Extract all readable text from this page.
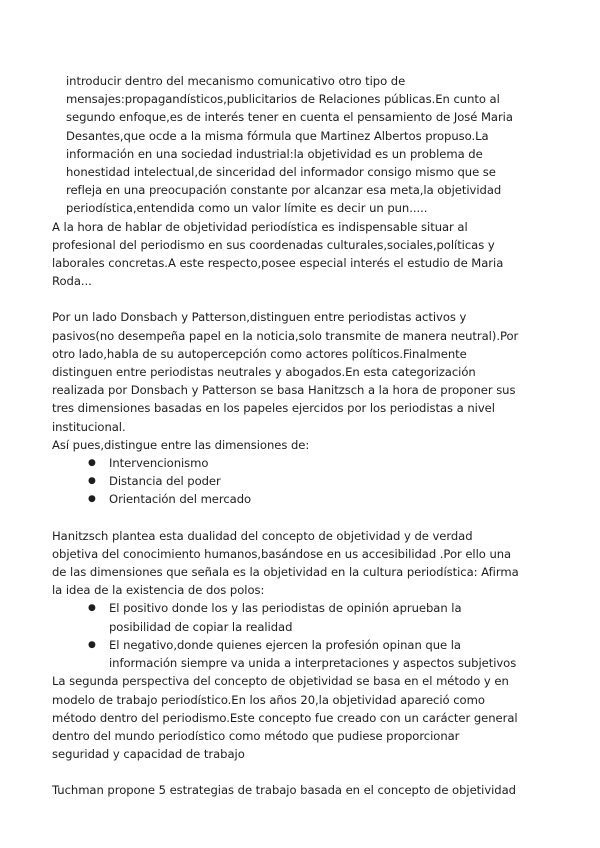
introducir dentro del mecanismo comunicativo otro tipo de

mensajes:propagandísticos,publicitarios de Relaciones públicas.En cunto al

segundo enfoque,es de interés tener en cuenta el pensamiento de José Maria

Desantes,que ocde a la misma fórmula que Martinez Albertos propuso.La

información en una sociedad industrial:la objetividad es un problema de

honestidad intelectual,de sinceridad del informador consigo mismo que se

refleja en una preocupación constante por alcanzar esa meta,la objetividad

periodística,entendida como un valor límite es decir un pun.....

A la hora de hablar de objetividad periodística es indispensable situar al

profesional del periodismo en sus coordenadas culturales,sociales,políticas y

laborales concretas.A este respecto,posee especial interés el estudio de Maria

Roda...

Por un lado Donsbach y Patterson,distinguen entre periodistas activos y

pasivos(no desempeña papel en la noticia,solo transmite de manera neutral).Por

otro lado,habla de su autopercepción como actores políticos.Finalmente

distinguen entre periodistas neutrales y abogados.En esta categorización

realizada por Donsbach y Patterson se basa Hanitzsch a la hora de proponer sus

tres dimensiones basadas en los papeles ejercidos por los periodistas a nivel

institucional.

Así pues,distingue entre las dimensiones de:

● Intervencionismo
● Distancia del poder
● Orientación del mercado

Hanitzsch plantea esta dualidad del concepto de objetividad y de verdad

objetiva del conocimiento humanos,basándose en us accesibilidad .Por ello una

de las dimensiones que señala es la objetividad en la cultura periodística: Afirma

la idea de la existencia de dos polos:

● El positivo donde los y las periodistas de opinión aprueban la
posibilidad de copiar la realidad
● El negativo,donde quienes ejercen la profesión opinan que la
información siempre va unida a interpretaciones y aspectos subjetivos

La segunda perspectiva del concepto de objetividad se basa en el método y en

modelo de trabajo periodístico.En los años 20,la objetividad apareció como

método dentro del periodismo.Este concepto fue creado con un carácter general

dentro del mundo periodístico como método que pudiese proporcionar

seguridad y capacidad de trabajo

Tuchman propone 5 estrategias de trabajo basada en el concepto de objetividad
